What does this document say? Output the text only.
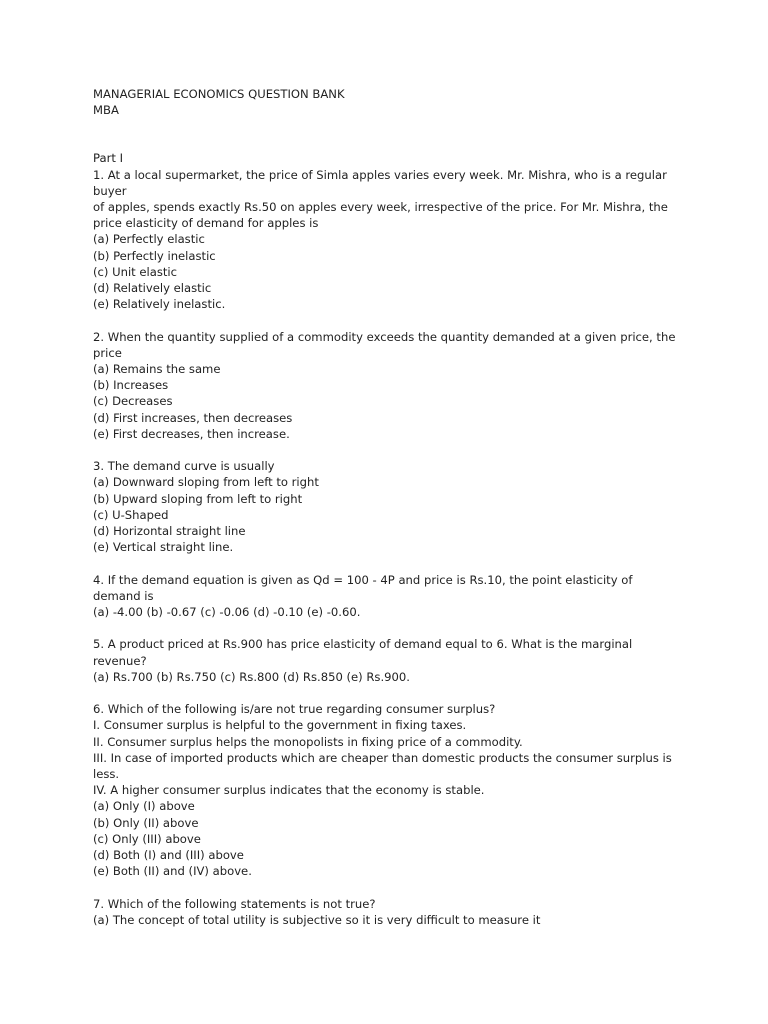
MANAGERIAL ECONOMICS QUESTION BANK
MBA
Part I
1. At a local supermarket, the price of Simla apples varies every week. Mr. Mishra, who is a regular
buyer
of apples, spends exactly Rs.50 on apples every week, irrespective of the price. For Mr. Mishra, the
price elasticity of demand for apples is
(a) Perfectly elastic
(b) Perfectly inelastic
(c) Unit elastic
(d) Relatively elastic
(e) Relatively inelastic.
2. When the quantity supplied of a commodity exceeds the quantity demanded at a given price, the
price
(a) Remains the same
(b) Increases
(c) Decreases
(d) First increases, then decreases
(e) First decreases, then increase.
3. The demand curve is usually
(a) Downward sloping from left to right
(b) Upward sloping from left to right
(c) U-Shaped
(d) Horizontal straight line
(e) Vertical straight line.
4. If the demand equation is given as Qd = 100 - 4P and price is Rs.10, the point elasticity of
demand is
(a) -4.00 (b) -0.67 (c) -0.06 (d) -0.10 (e) -0.60.
5. A product priced at Rs.900 has price elasticity of demand equal to 6. What is the marginal
revenue?
(a) Rs.700 (b) Rs.750 (c) Rs.800 (d) Rs.850 (e) Rs.900.
6. Which of the following is/are not true regarding consumer surplus?
I. Consumer surplus is helpful to the government in fixing taxes.
II. Consumer surplus helps the monopolists in fixing price of a commodity.
III. In case of imported products which are cheaper than domestic products the consumer surplus is
less.
IV. A higher consumer surplus indicates that the economy is stable.
(a) Only (I) above
(b) Only (II) above
(c) Only (III) above
(d) Both (I) and (III) above
(e) Both (II) and (IV) above.
7. Which of the following statements is not true?
(a) The concept of total utility is subjective so it is very difficult to measure it
